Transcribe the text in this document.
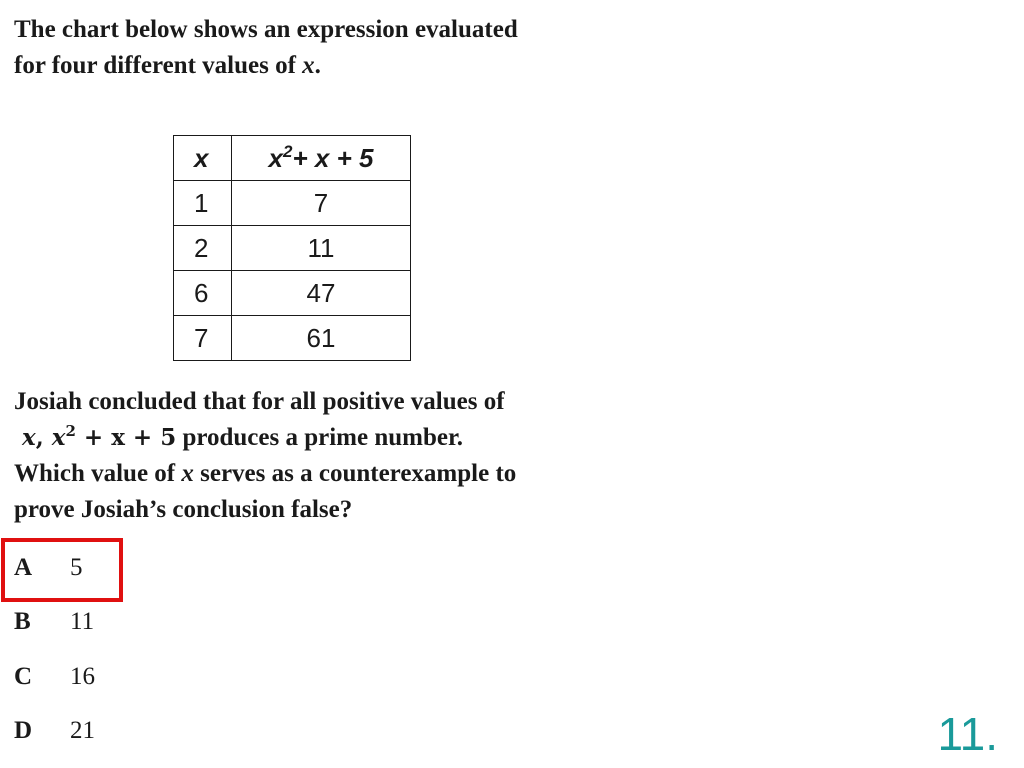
The chart below shows an expression evaluated
for four different values of x.
x	$x^2+ x + 5$
1	7
2	11
6	47
7	61
Josiah concluded that for all positive values of
x, $x^2 + x + 5$ produces a prime number.
Which value of x serves as a counterexample to
prove Josiah’s conclusion false?
A 5
B 11
C 16
D 21	11.
